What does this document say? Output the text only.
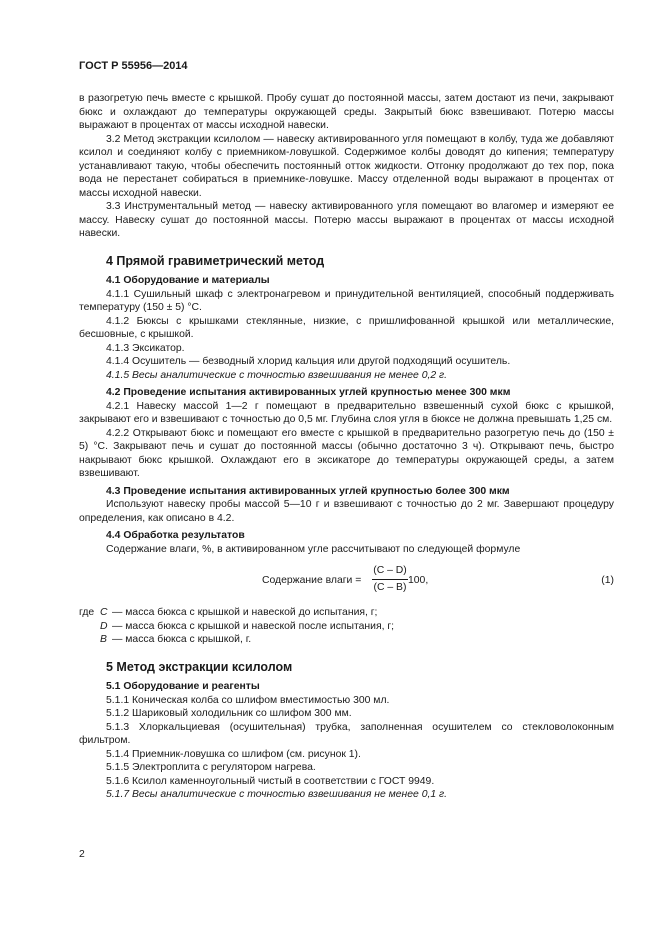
ГОСТ Р 55956—2014

в разогретую печь вместе с крышкой. Пробу сушат до постоянной массы, затем достают из печи, закрывают бюкс и охлаждают до температуры окружающей среды. Закрытый бюкс взвешивают. Потерю массы выражают в процентах от массы исходной навески.

3.2 Метод экстракции ксилолом — навеску активированного угля помещают в колбу, туда же добавляют ксилол и соединяют колбу с приемником-ловушкой. Содержимое колбы доводят до кипения; температуру устанавливают такую, чтобы обеспечить постоянный отток жидкости. Отгонку продолжают до тех пор, пока вода не перестанет собираться в приемнике-ловушке. Массу отделенной воды выражают в процентах от массы исходной навески.

3.3 Инструментальный метод — навеску активированного угля помещают во влагомер и измеряют ее массу. Навеску сушат до постоянной массы. Потерю массы выражают в процентах от массы исходной навески.

4 Прямой гравиметрический метод
4.1 Оборудование и материалы

4.1.1 Сушильный шкаф с электронагревом и принудительной вентиляцией, способный поддерживать температуру (150 ± 5) °С.

4.1.2 Бюксы с крышками стеклянные, низкие, с пришлифованной крышкой или металлические, бесшовные, с крышкой.

4.1.3 Эксикатор.

4.1.4 Осушитель — безводный хлорид кальция или другой подходящий осушитель.

4.1.5 Весы аналитические с точностью взвешивания не менее 0,2 г.

4.2 Проведение испытания активированных углей крупностью менее 300 мкм

4.2.1 Навеску массой 1—2 г помещают в предварительно взвешенный сухой бюкс с крышкой, закрывают его и взвешивают с точностью до 0,5 мг. Глубина слоя угля в бюксе не должна превышать 1,25 см.

4.2.2 Открывают бюкс и помещают его вместе с крышкой в предварительно разогретую печь до (150 ± 5) °С. Закрывают печь и сушат до постоянной массы (обычно достаточно 3 ч). Открывают печь, быстро накрывают бюкс крышкой. Охлаждают его в эксикаторе до температуры окружающей среды, а затем взвешивают.

4.3 Проведение испытания активированных углей крупностью более 300 мкм

Используют навеску пробы массой 5—10 г и взвешивают с точностью до 2 мг. Завершают процедуру определения, как описано в 4.2.

4.4 Обработка результатов

Содержание влаги, %, в активированном угле рассчитывают по следующей формуле

Содержание влаги = $\frac{(C - D)}{(C - B)} 100$,	(1)
где C — масса бюкса с крышкой и навеской до испытания, г;
D — масса бюкса с крышкой и навеской после испытания, г;
B — масса бюкса с крышкой, г.
5 Метод экстракции ксилолом
5.1 Оборудование и реагенты

5.1.1 Коническая колба со шлифом вместимостью 300 мл.

5.1.2 Шариковый холодильник со шлифом 300 мм.

5.1.3 Хлоркальциевая (осушительная) трубка, заполненная осушителем со стекловолоконным фильтром.

5.1.4 Приемник-ловушка со шлифом (см. рисунок 1).

5.1.5 Электроплита с регулятором нагрева.

5.1.6 Ксилол каменноугольный чистый в соответствии с ГОСТ 9949.

5.1.7 Весы аналитические с точностью взвешивания не менее 0,1 г.

2
